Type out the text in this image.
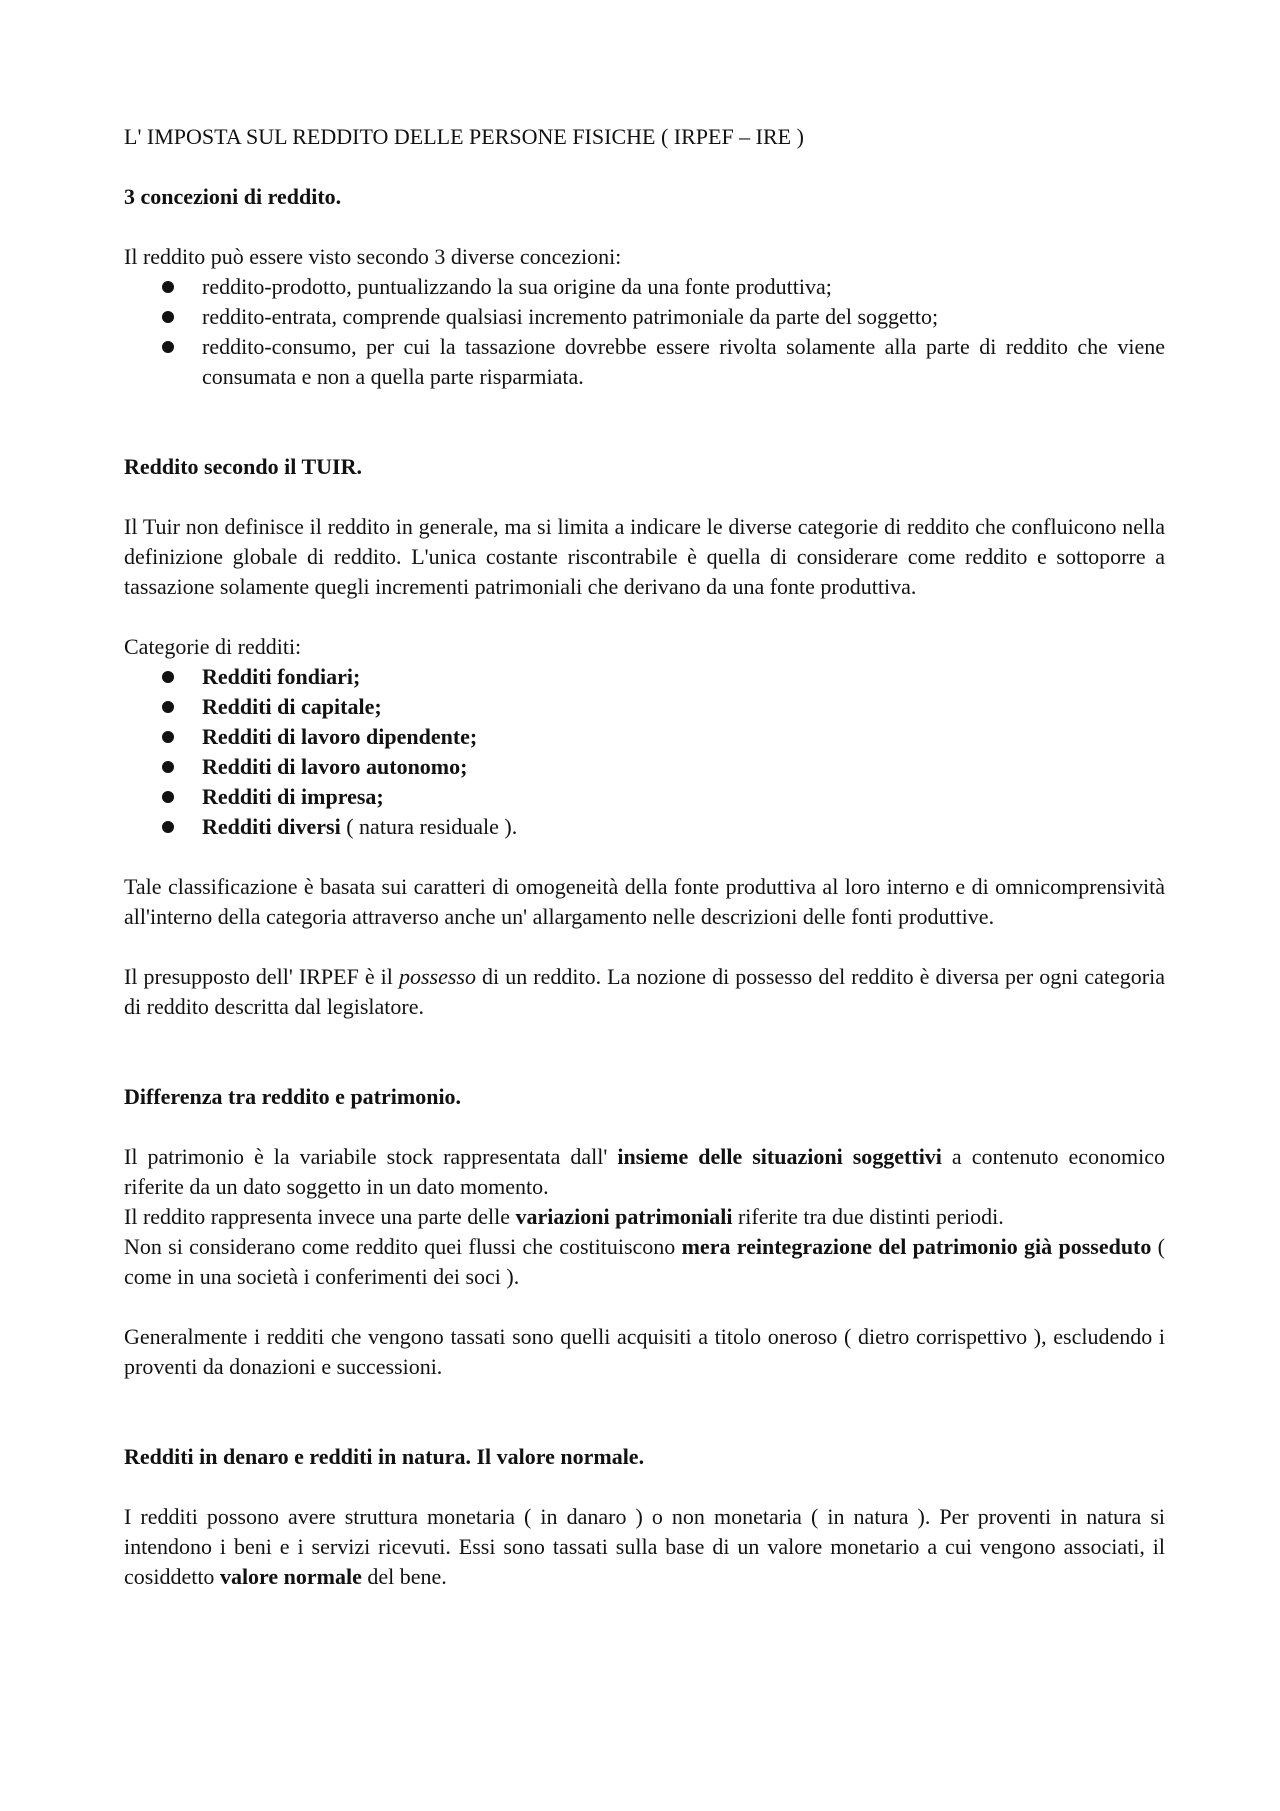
L' IMPOSTA SUL REDDITO DELLE PERSONE FISICHE ( IRPEF – IRE )

3 concezioni di reddito.

Il reddito può essere visto secondo 3 diverse concezioni:

reddito-prodotto, puntualizzando la sua origine da una fonte produttiva;
reddito-entrata, comprende qualsiasi incremento patrimoniale da parte del soggetto;
reddito-consumo, per cui la tassazione dovrebbe essere rivolta solamente alla parte di reddito che viene consumata e non a quella parte risparmiata.

Reddito secondo il TUIR.

Il Tuir non definisce il reddito in generale, ma si limita a indicare le diverse categorie di reddito che confluicono nella definizione globale di reddito. L'unica costante riscontrabile è quella di considerare come reddito e sottoporre a tassazione solamente quegli incrementi patrimoniali che derivano da una fonte produttiva.

Categorie di redditi:

Redditi fondiari;
Redditi di capitale;
Redditi di lavoro dipendente;
Redditi di lavoro autonomo;
Redditi di impresa;
Redditi diversi ( natura residuale ).

Tale classificazione è basata sui caratteri di omogeneità della fonte produttiva al loro interno e di omnicomprensività all'interno della categoria attraverso anche un' allargamento nelle descrizioni delle fonti produttive.

Il presupposto dell' IRPEF è il possesso di un reddito. La nozione di possesso del reddito è diversa per ogni categoria di reddito descritta dal legislatore.

Differenza tra reddito e patrimonio.

Il patrimonio è la variabile stock rappresentata dall' insieme delle situazioni soggettivi a contenuto economico riferite da un dato soggetto in un dato momento.

Il reddito rappresenta invece una parte delle variazioni patrimoniali riferite tra due distinti periodi.

Non si considerano come reddito quei flussi che costituiscono mera reintegrazione del patrimonio già posseduto ( come in una società i conferimenti dei soci ).

Generalmente i redditi che vengono tassati sono quelli acquisiti a titolo oneroso ( dietro corrispettivo ), escludendo i proventi da donazioni e successioni.

Redditi in denaro e redditi in natura. Il valore normale.

I redditi possono avere struttura monetaria ( in danaro ) o non monetaria ( in natura ). Per proventi in natura si intendono i beni e i servizi ricevuti. Essi sono tassati sulla base di un valore monetario a cui vengono associati, il cosiddetto valore normale del bene.
